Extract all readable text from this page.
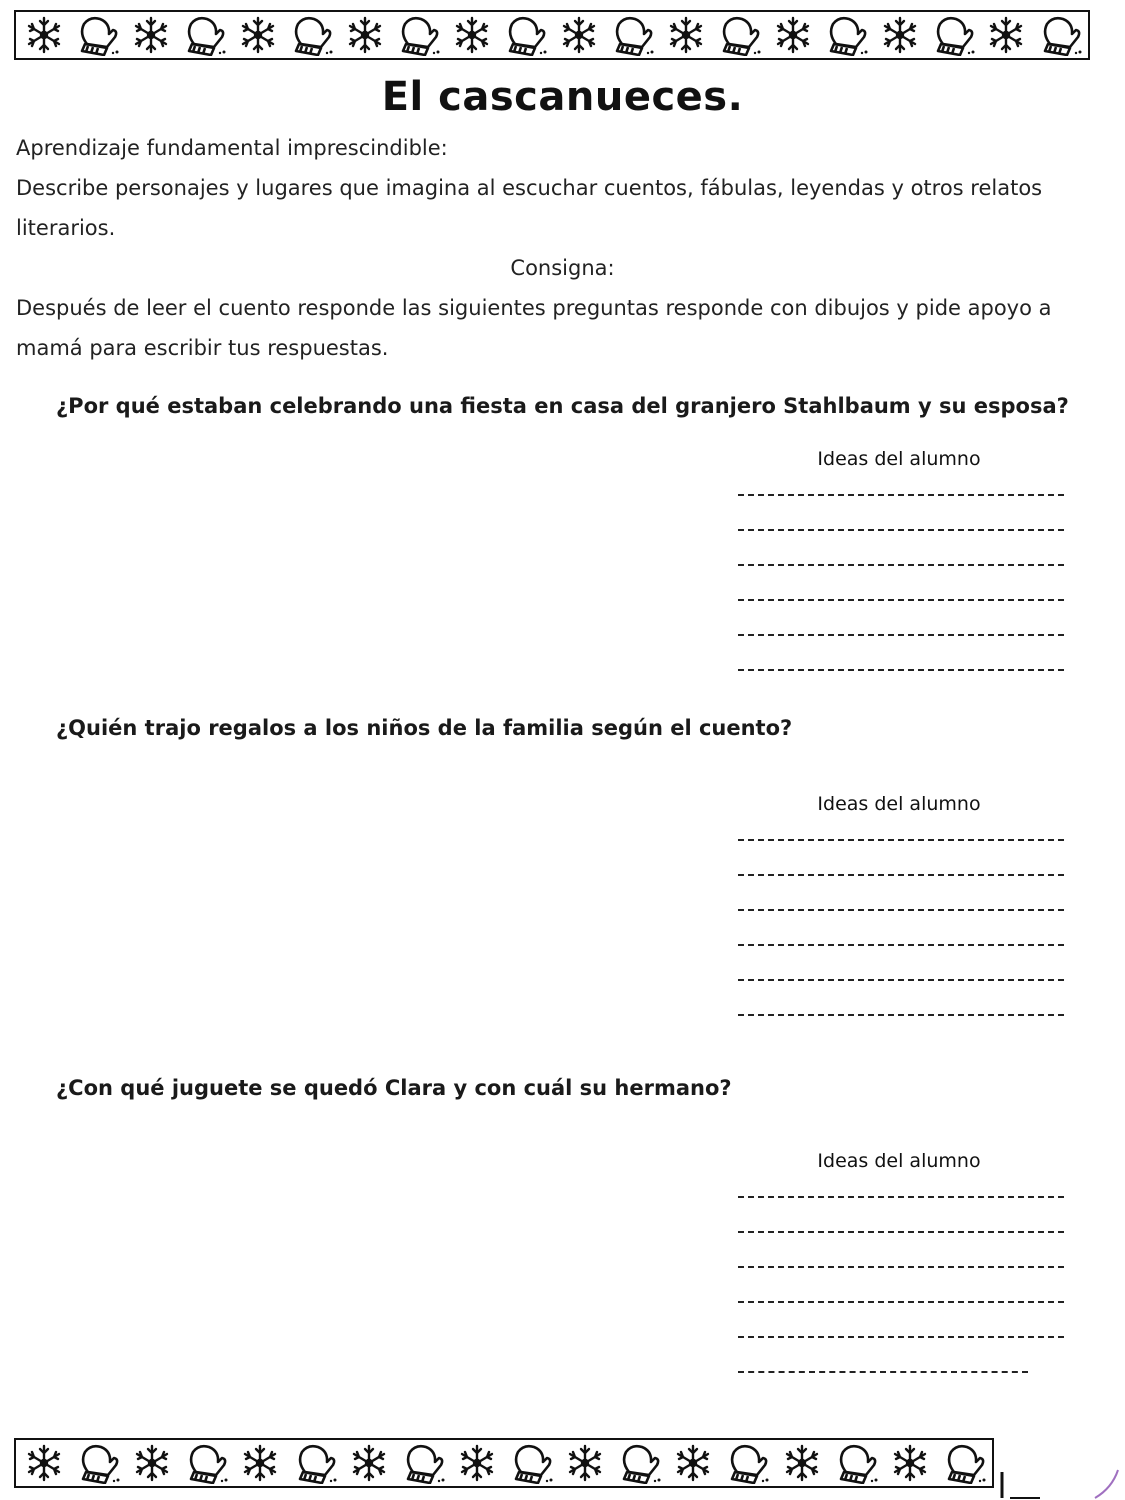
El cascanueces.
Aprendizaje fundamental imprescindible:
Describe personajes y lugares que imagina al escuchar cuentos, fábulas, leyendas y otros relatos literarios.
Consigna:
Después de leer el cuento responde las siguientes preguntas responde con dibujos y pide apoyo a mamá para escribir tus respuestas.
¿Por qué estaban celebrando una fiesta en casa del granjero Stahlbaum y su esposa?
Ideas del alumno
¿Quién trajo regalos a los niños de la familia según el cuento?
Ideas del alumno
¿Con qué juguete se quedó Clara y con cuál su hermano?
Ideas del alumno
